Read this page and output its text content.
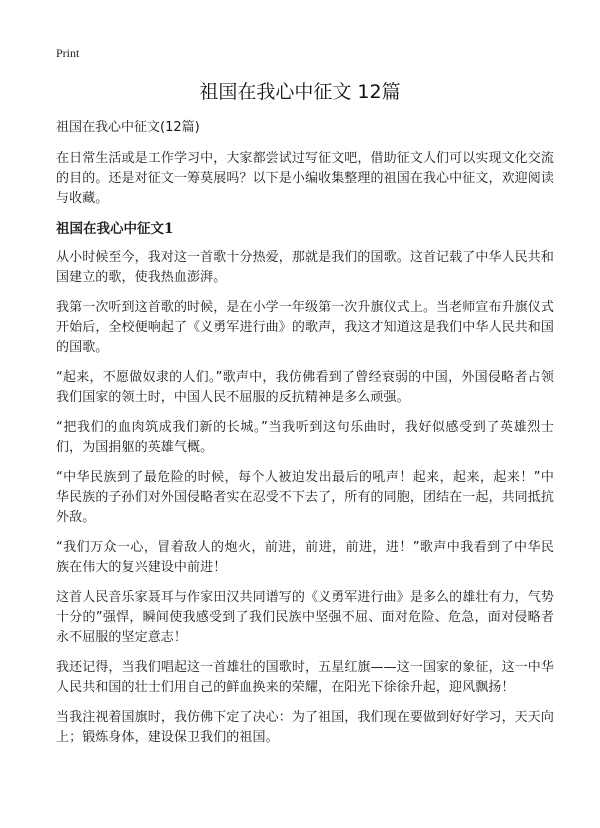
Print
祖国在我心中征文 12篇
祖国在我心中征文(12篇)

在日常生活或是工作学习中，大家都尝试过写征文吧，借助征文人们可以实现文化交流的目的。还是对征文一筹莫展吗？以下是小编收集整理的祖国在我心中征文，欢迎阅读与收藏。

祖国在我心中征文1

从小时候至今，我对这一首歌十分热爱，那就是我们的国歌。这首记载了中华人民共和国建立的歌，使我热血澎湃。

我第一次听到这首歌的时候，是在小学一年级第一次升旗仪式上。当老师宣布升旗仪式开始后，全校便响起了《义勇军进行曲》的歌声，我这才知道这是我们中华人民共和国的国歌。

“起来，不愿做奴隶的人们。”歌声中，我仿佛看到了曾经衰弱的中国，外国侵略者占领我们国家的领土时，中国人民不屈服的反抗精神是多么顽强。

“把我们的血肉筑成我们新的长城。”当我听到这句乐曲时，我好似感受到了英雄烈士们，为国捐躯的英雄气概。

“中华民族到了最危险的时候，每个人被迫发出最后的吼声！起来，起来，起来！”中华民族的子孙们对外国侵略者实在忍受不下去了，所有的同胞，团结在一起，共同抵抗外敌。

“我们万众一心，冒着敌人的炮火，前进，前进，前进，进！”歌声中我看到了中华民族在伟大的复兴建设中前进！

这首人民音乐家聂耳与作家田汉共同谱写的《义勇军进行曲》是多么的雄壮有力，气势十分的”强悍，瞬间使我感受到了我们民族中坚强不屈、面对危险、危急，面对侵略者永不屈服的坚定意志！

我还记得，当我们唱起这一首雄壮的国歌时，五星红旗——这一国家的象征，这一中华人民共和国的壮士们用自己的鲜血换来的荣耀，在阳光下徐徐升起，迎风飘扬！

当我注视着国旗时，我仿佛下定了决心：为了祖国，我们现在要做到好好学习，天天向上；锻炼身体，建设保卫我们的祖国。
